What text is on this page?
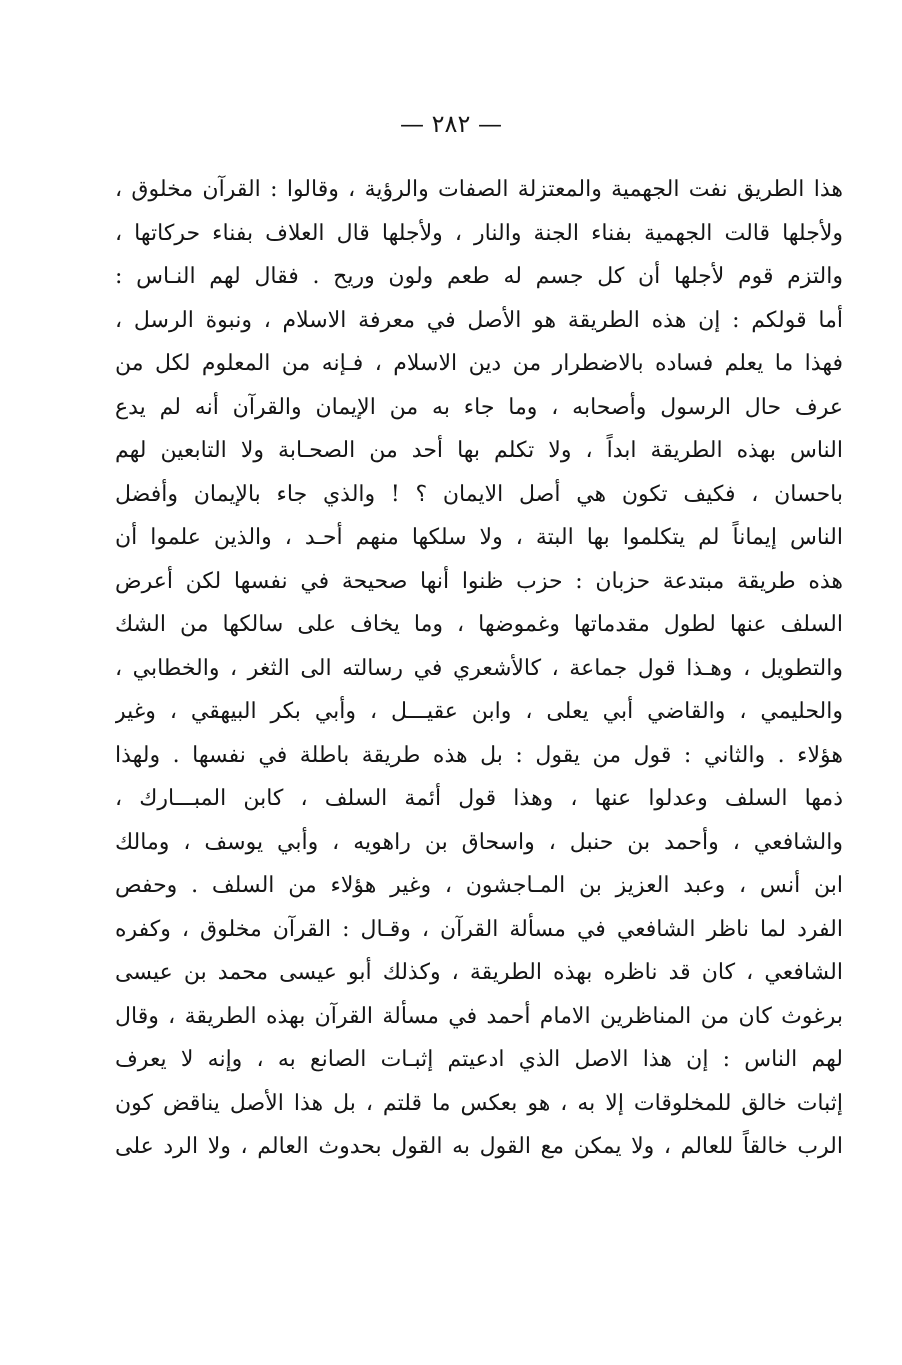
— ٢٨٢ —
هذا الطريق نفت الجهمية والمعتزلة الصفات والرؤية ، وقالوا : القرآن مخلوق ،
ولأجلها قالت الجهمية بفناء الجنة والنار ، ولأجلها قال العلاف بفناء حركاتها ،
والتزم قوم لأجلها أن كل جسم له طعم ولون وريح . فقال لهم النـاس :
أما قولكم : إن هذه الطريقة هو الأصل في معرفة الاسلام ، ونبوة الرسل ،
فهذا ما يعلم فساده بالاضطرار من دين الاسلام ، فـإنه من المعلوم لكل من
عرف حال الرسول وأصحابه ، وما جاء به من الإيمان والقرآن أنه لم يدع
الناس بهذه الطريقة ابداً ، ولا تكلم بها أحد من الصحـابة ولا التابعين لهم
باحسان ، فكيف تكون هي أصل الايمان ؟ ! والذي جاء بالإيمان وأفضل
الناس إيماناً لم يتكلموا بها البتة ، ولا سلكها منهم أحـد ، والذين علموا أن
هذه طريقة مبتدعة حزبان : حزب ظنوا أنها صحيحة في نفسها لكن أعرض
السلف عنها لطول مقدماتها وغموضها ، وما يخاف على سالكها من الشك
والتطويل ، وهـذا قول جماعة ، كالأشعري في رسالته الى الثغر ، والخطابي ،
والحليمي ، والقاضي أبي يعلى ، وابن عقيـــل ، وأبي بكر البيهقي ، وغير
هؤلاء . والثاني : قول من يقول : بل هذه طريقة باطلة في نفسها . ولهذا
ذمها السلف وعدلوا عنها ، وهذا قول أئمة السلف ، كابن المبـــارك ،
والشافعي ، وأحمد بن حنبل ، واسحاق بن راهويه ، وأبي يوسف ، ومالك
ابن أنس ، وعبد العزيز بن المـاجشون ، وغير هؤلاء من السلف . وحفص
الفرد لما ناظر الشافعي في مسألة القرآن ، وقـال : القرآن مخلوق ، وكفره
الشافعي ، كان قد ناظره بهذه الطريقة ، وكذلك أبو عيسى محمد بن عيسى
برغوث كان من المناظرين الامام أحمد في مسألة القرآن بهذه الطريقة ، وقال
لهم الناس : إن هذا الاصل الذي ادعيتم إثبـات الصانع به ، وإنه لا يعرف
إثبات خالق للمخلوقات إلا به ، هو بعكس ما قلتم ، بل هذا الأصل يناقض كون
الرب خالقاً للعالم ، ولا يمكن مع القول به القول بحدوث العالم ، ولا الرد على
